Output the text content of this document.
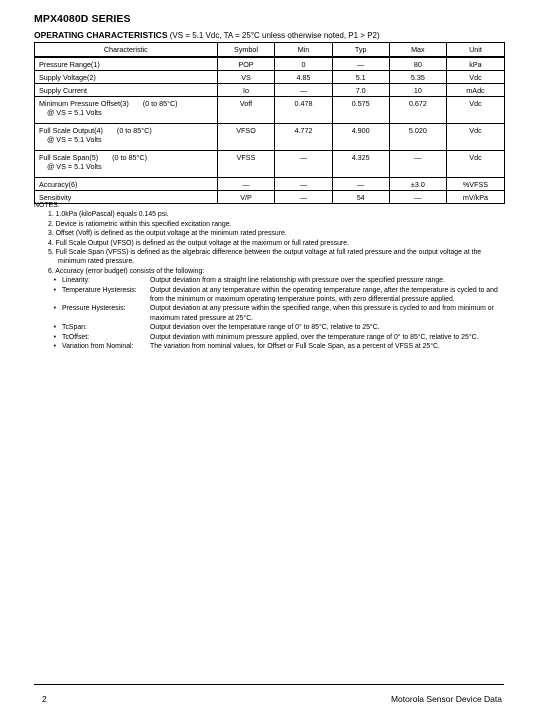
MPX4080D SERIES
OPERATING CHARACTERISTICS (VS = 5.1 Vdc, TA = 25°C unless otherwise noted, P1 > P2)
Characteristic	Symbol	Min	Typ	Max	Unit
Pressure Range(1)	POP	0	—	80	kPa
Supply Voltage(2)	VS	4.85	5.1	5.35	Vdc
Supply Current	Io	—	7.0	10	mAdc
Minimum Pressure Offset(3) (0 to 85°C)
@ VS = 5.1 Volts	Voff	0.478	0.575	0.672	Vdc
Full Scale Output(4) (0 to 85°C)
@ VS = 5.1 Volts	VFSO	4.772	4.900	5.020	Vdc
Full Scale Span(5) (0 to 85°C)
@ VS = 5.1 Volts	VFSS	—	4.325	—	Vdc
Accuracy(6)	—	—	—	±3.0	%VFSS
Sensitivity	V/P	—	54	—	mV/kPa
NOTES:
1. 1.0kPa (kiloPascal) equals 0.145 psi.
2. Device is ratiometric within this specified excitation range.
3. Offset (Voff) is defined as the output voltage at the minimum rated pressure.
4. Full Scale Output (VFSO) is defined as the output voltage at the maximum or full rated pressure.
5. Full Scale Span (VFSS) is defined as the algebraic difference between the output voltage at full rated pressure and the output voltage at the
minimum rated pressure.
6. Accuracy (error budget) consists of the following:
• Linearity:	Output deviation from a straight line relationship with pressure over the specified pressure range.
• Temperature Hysteresis:	Output deviation at any temperature within the operating temperature range, after the temperature is cycled to and from the minimum or maximum operating temperature points, with zero differential pressure applied.
• Pressure Hysteresis:	Output deviation at any pressure within the specified range, when this pressure is cycled to and from minimum or maximum rated pressure at 25°C.
• TcSpan:	Output deviation over the temperature range of 0° to 85°C, relative to 25°C.
• TcOffset:	Output deviation with minimum pressure applied, over the temperature range of 0° to 85°C, relative to 25°C.
• Variation from Nominal:	The variation from nominal values, for Offset or Full Scale Span, as a percent of VFSS at 25°C.
2	Motorola Sensor Device Data
